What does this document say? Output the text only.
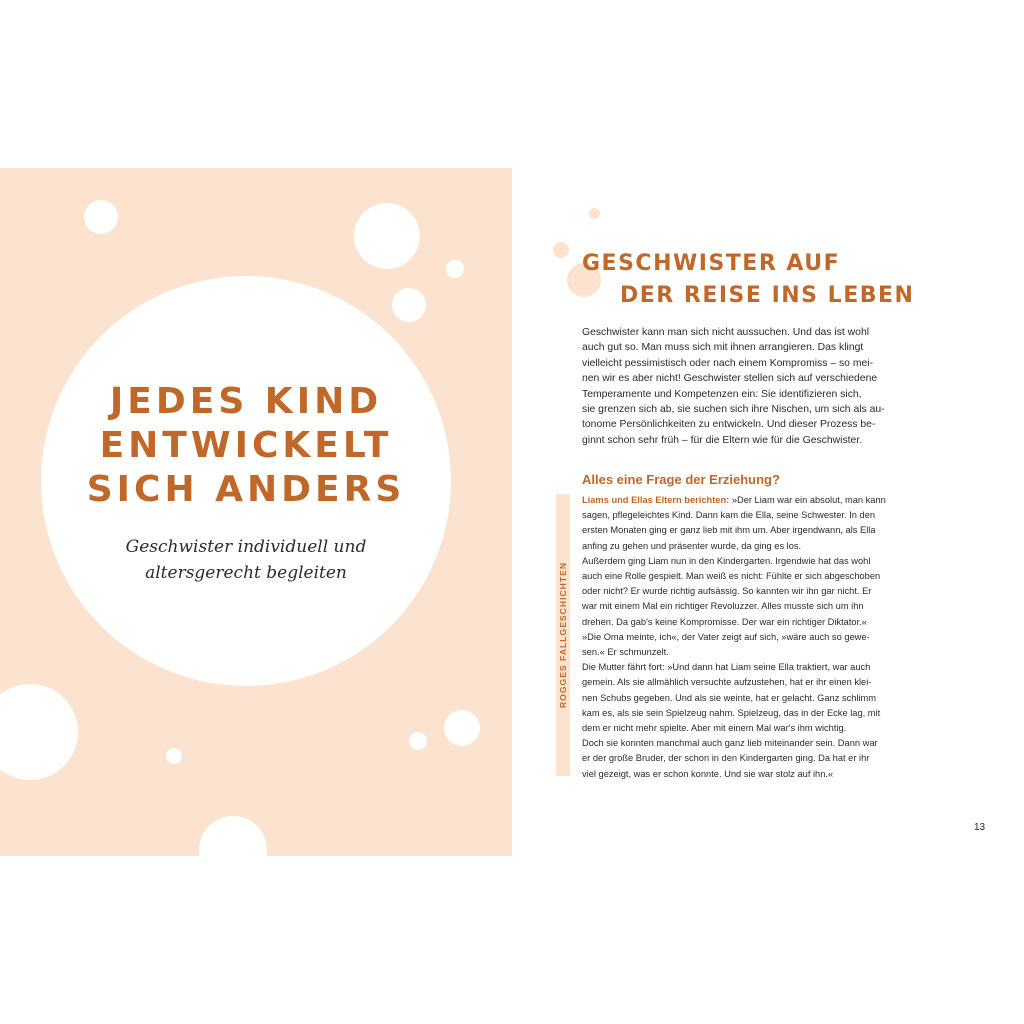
JEDES KIND
ENTWICKELT
SICH ANDERS

Geschwister individuell und
altersgerecht begleiten

GESCHWISTER AUF
DER REISE INS LEBEN

Geschwister kann man sich nicht aussuchen. Und das ist wohl
auch gut so. Man muss sich mit ihnen arrangieren. Das klingt
vielleicht pessimistisch oder nach einem Kompromiss – so mei-
nen wir es aber nicht! Geschwister stellen sich auf verschiedene
Temperamente und Kompetenzen ein: Sie identifizieren sich,
sie grenzen sich ab, sie suchen sich ihre Nischen, um sich als au-
tonome Persönlichkeiten zu entwickeln. Und dieser Prozess be-
ginnt schon sehr früh – für die Eltern wie für die Geschwister.

Alles eine Frage der Erziehung?
ROGGES FALLGESCHICHTEN

Liams und Ellas Eltern berichten: »Der Liam war ein absolut, man kann
sagen, pflegeleichtes Kind. Dann kam die Ella, seine Schwester. In den
ersten Monaten ging er ganz lieb mit ihm um. Aber irgendwann, als Ella
anfing zu gehen und präsenter wurde, da ging es los.
Außerdem ging Liam nun in den Kindergarten. Irgendwie hat das wohl
auch eine Rolle gespielt. Man weiß es nicht: Fühlte er sich abgeschoben
oder nicht? Er wurde richtig aufsässig. So kannten wir ihn gar nicht. Er
war mit einem Mal ein richtiger Revoluzzer. Alles musste sich um ihn
drehen. Da gab's keine Kompromisse. Der war ein richtiger Diktator.«
»Die Oma meinte, ich«, der Vater zeigt auf sich, »wäre auch so gewe-
sen.« Er schmunzelt.
Die Mutter fährt fort: »Und dann hat Liam seine Ella traktiert, war auch
gemein. Als sie allmählich versuchte aufzustehen, hat er ihr einen klei-
nen Schubs gegeben. Und als sie weinte, hat er gelacht. Ganz schlimm
kam es, als sie sein Spielzeug nahm. Spielzeug, das in der Ecke lag, mit
dem er nicht mehr spielte. Aber mit einem Mal war's ihm wichtig.
Doch sie konnten manchmal auch ganz lieb miteinander sein. Dann war
er der große Bruder, der schon in den Kindergarten ging. Da hat er ihr
viel gezeigt, was er schon konnte. Und sie war stolz auf ihn.«

13
